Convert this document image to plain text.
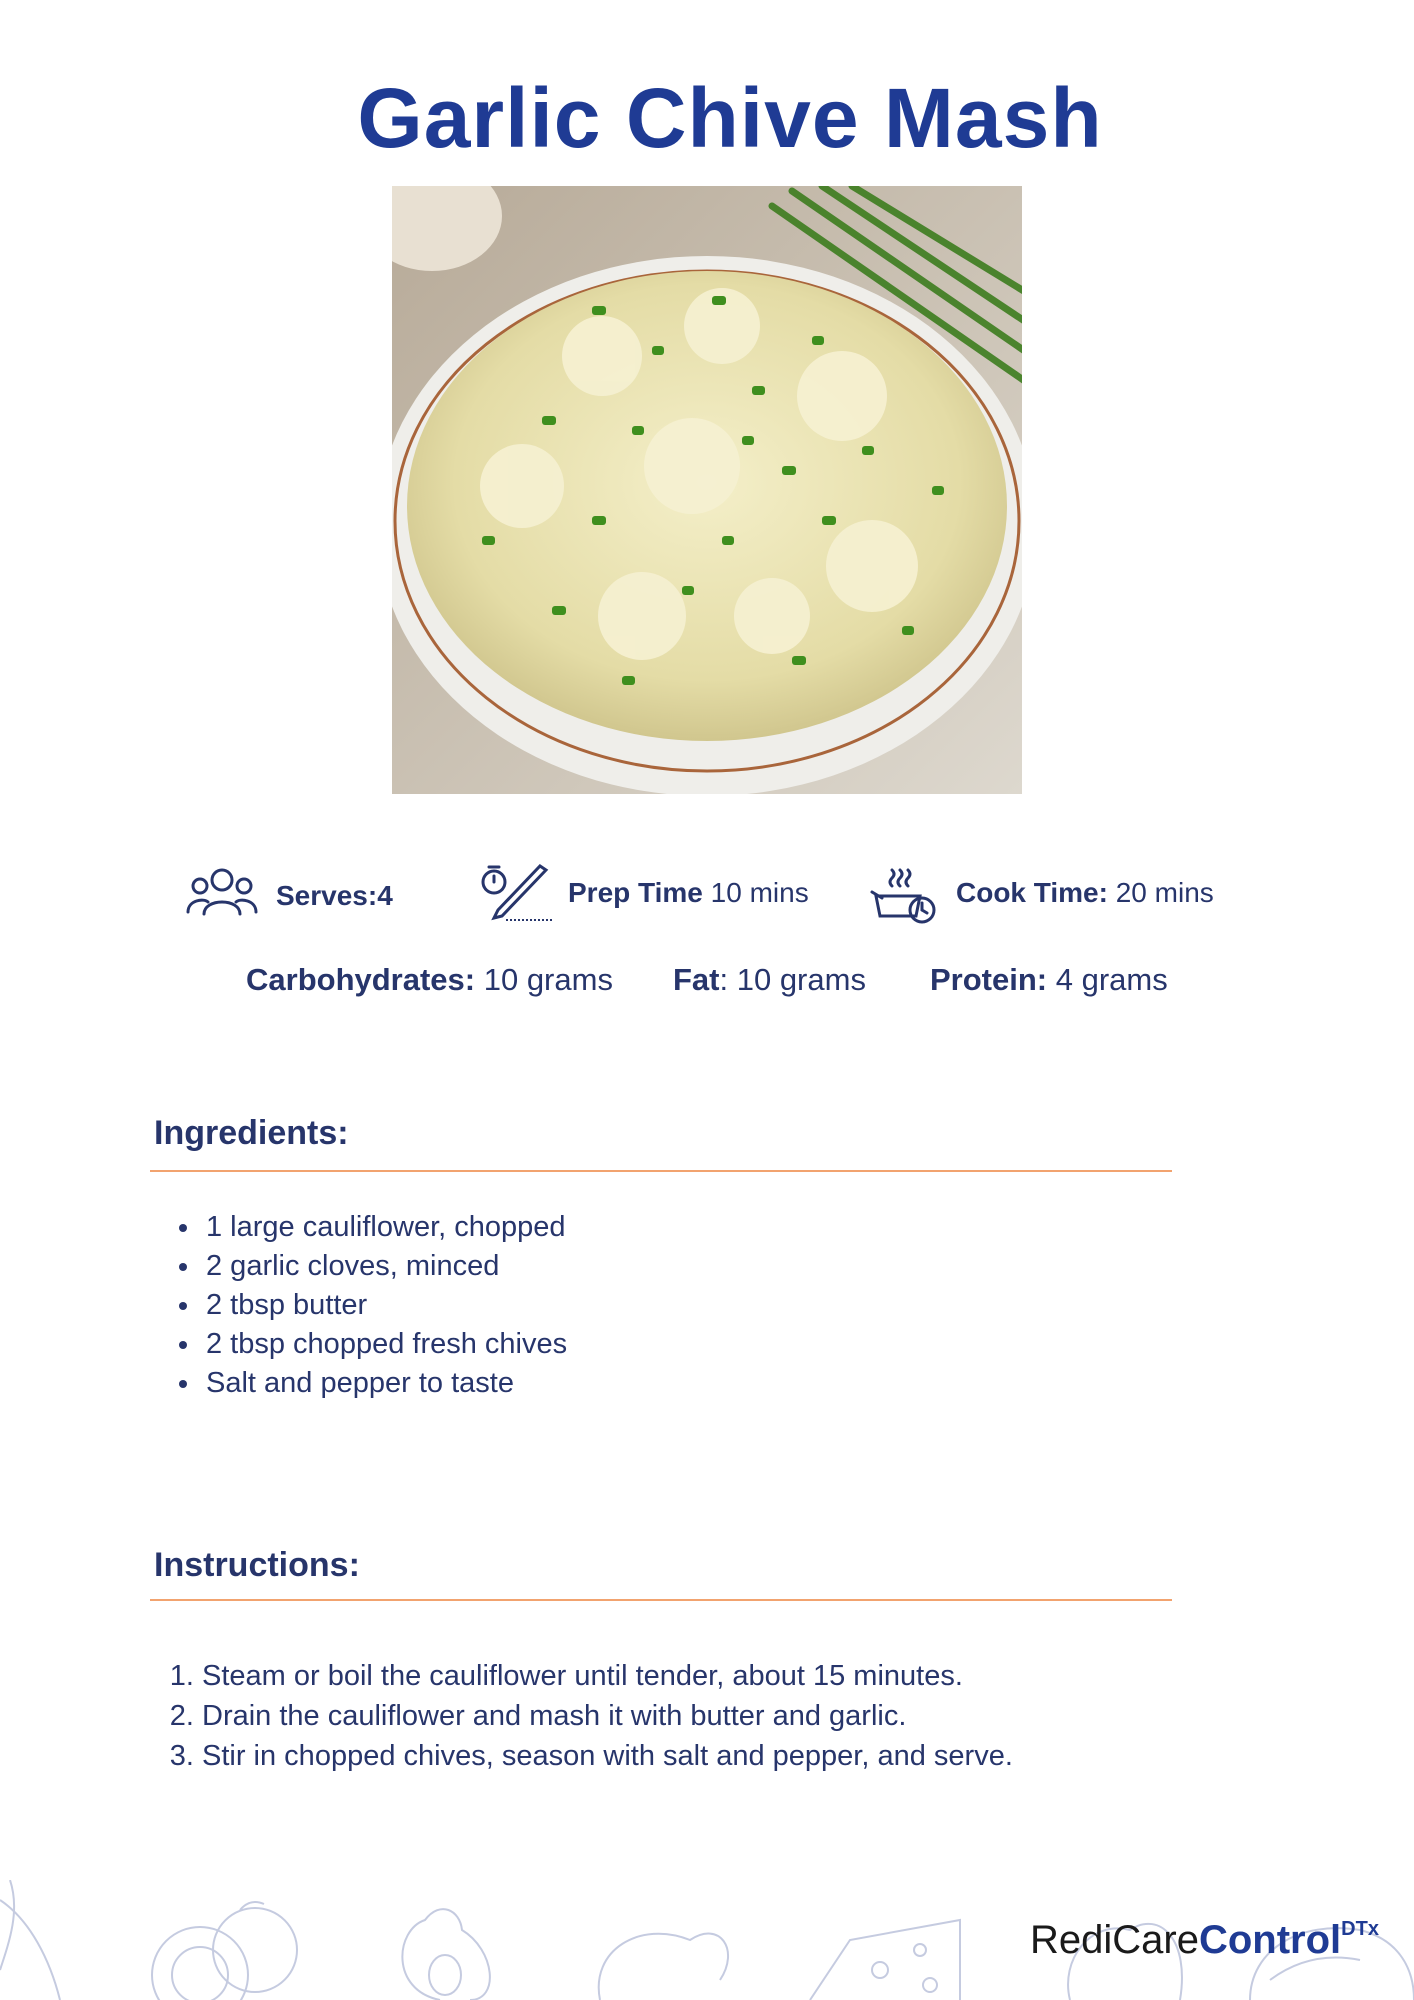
Garlic Chive Mash
Serves:4	Prep Time 10 mins	Cook Time: 20 mins
Carbohydrates: 10 grams Fat: 10 grams Protein: 4 grams
Ingredients:
• 1 large cauliflower, chopped
• 2 garlic cloves, minced
• 2 tbsp butter
• 2 tbsp chopped fresh chives
• Salt and pepper to taste
Instructions:
1. Steam or boil the cauliflower until tender, about 15 minutes.
2. Drain the cauliflower and mash it with butter and garlic.
3. Stir in chopped chives, season with salt and pepper, and serve.
RediCareControl$^{DTx}$
